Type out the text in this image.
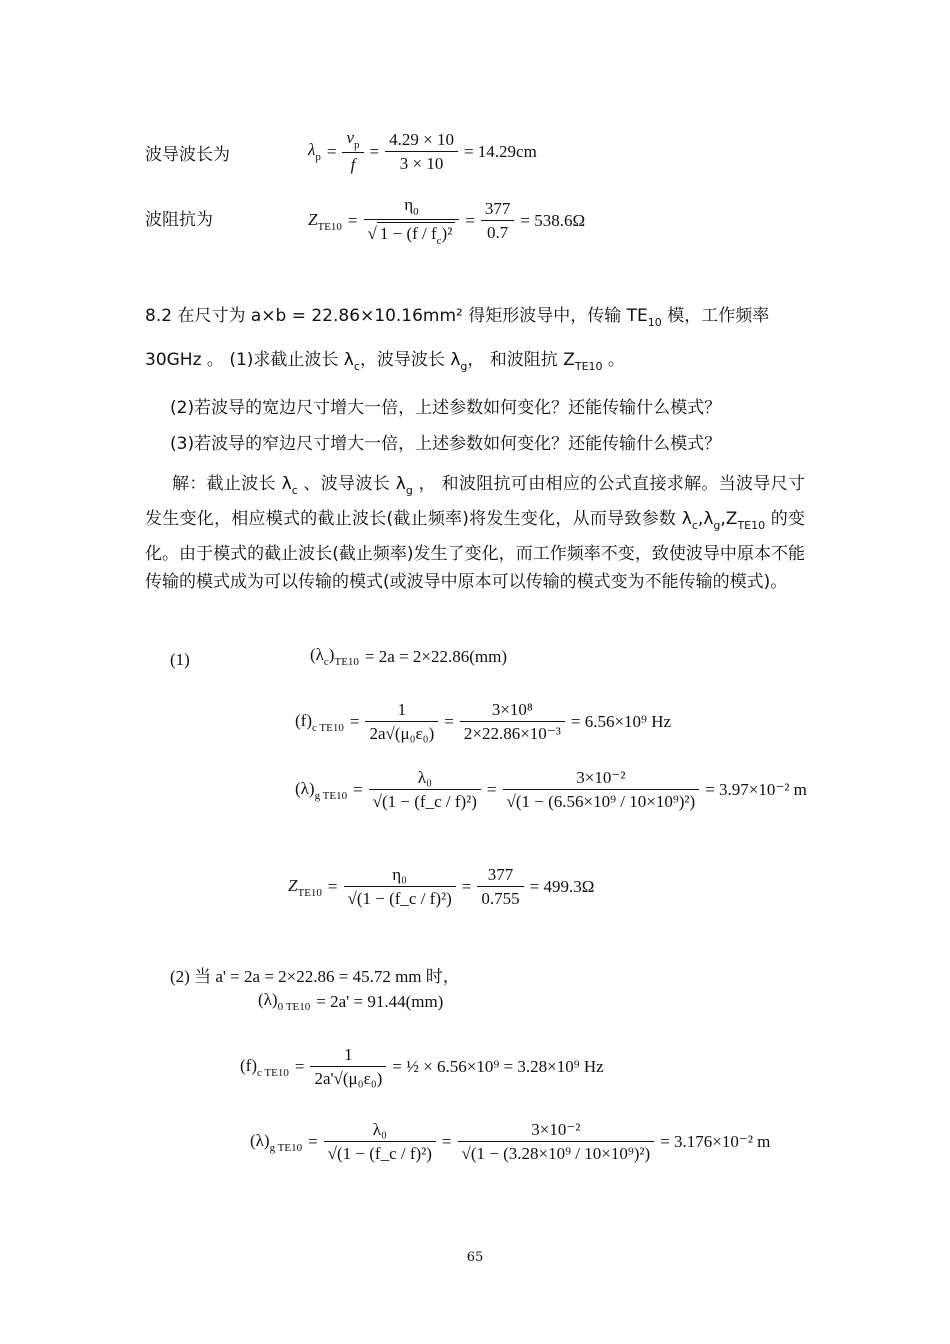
波导波长为	$\lambda_p = \frac{v_p}{f} = \frac{4.29 \times 10}{3 \times 10} = 14.29cm$
波阻抗为	$Z_{TE10} = \frac{\eta_0}{√ 1 - (f / f_c)^2} = \frac{377}{0.7} = 538.6\Omega$
8.2 在尺寸为 a×b = 22.86×10.16mm² 得矩形波导中，传输 $TE_{10}$ 模，工作频率
30GHz 。 (1)求截止波长 $\lambda_c$，波导波长 $\lambda_g$， 和波阻抗 $Z_{TE10}$ 。
(2)若波导的宽边尺寸增大一倍，上述参数如何变化？还能传输什么模式？
(3)若波导的窄边尺寸增大一倍，上述参数如何变化？还能传输什么模式？
解：截止波长 $\lambda_c$ 、波导波长 $\lambda_g$ ， 和波阻抗可由相应的公式直接求解。当波导尺寸发生变化，相应模式的截止波长(截止频率)将发生变化，从而导致参数 $\lambda_c,\lambda_g,Z_{TE10}$ 的变化。由于模式的截止波长(截止频率)发生了变化，而工作频率不变，致使波导中原本不能传输的模式成为可以传输的模式(或波导中原本可以传输的模式变为不能传输的模式)。
(1)	$(\lambda_c)_{TE10} = 2a = 2\times 22.86(mm)$
$(f)_{c TE10} = \frac{1}{\text{2a√(μ₀ε₀)}} = \frac{\text{3×10⁸}}{\text{2×22.86×10⁻³}} = 6.56\times 10^9$ Hz
$(\lambda)_{g TE10} = \frac{\text{λ₀}}{\text{√(1 − (f\_c / f)²)}} = \frac{\text{3×10⁻²}}{\text{√(1 − (6.56×10⁹ / 10×10⁹)²)}} = 3.97\times 10^{-2}$ m
$Z_{TE10} = \frac{\text{η₀}}{\text{√(1 − (f\_c / f)²)}} = \frac{377}{0.755} = 499.3\Omega$
(2) 当 a' = 2a = 2×22.86 = 45.72 mm 时，
$(\lambda)_{0 TE10} = 2a' = 91.44(mm)$
$(f)_{c TE10} = \frac{1}{\text{2a'√(μ₀ε₀)}}$ = ½ × 6.56×10⁹ = 3.28×10⁹ Hz
$(\lambda)_{g TE10} = \frac{\text{λ₀}}{\text{√(1 − (f\_c / f)²)}} = \frac{\text{3×10⁻²}}{\text{√(1 − (3.28×10⁹ / 10×10⁹)²)}} = 3.176\times 10^{-2}$ m
65
